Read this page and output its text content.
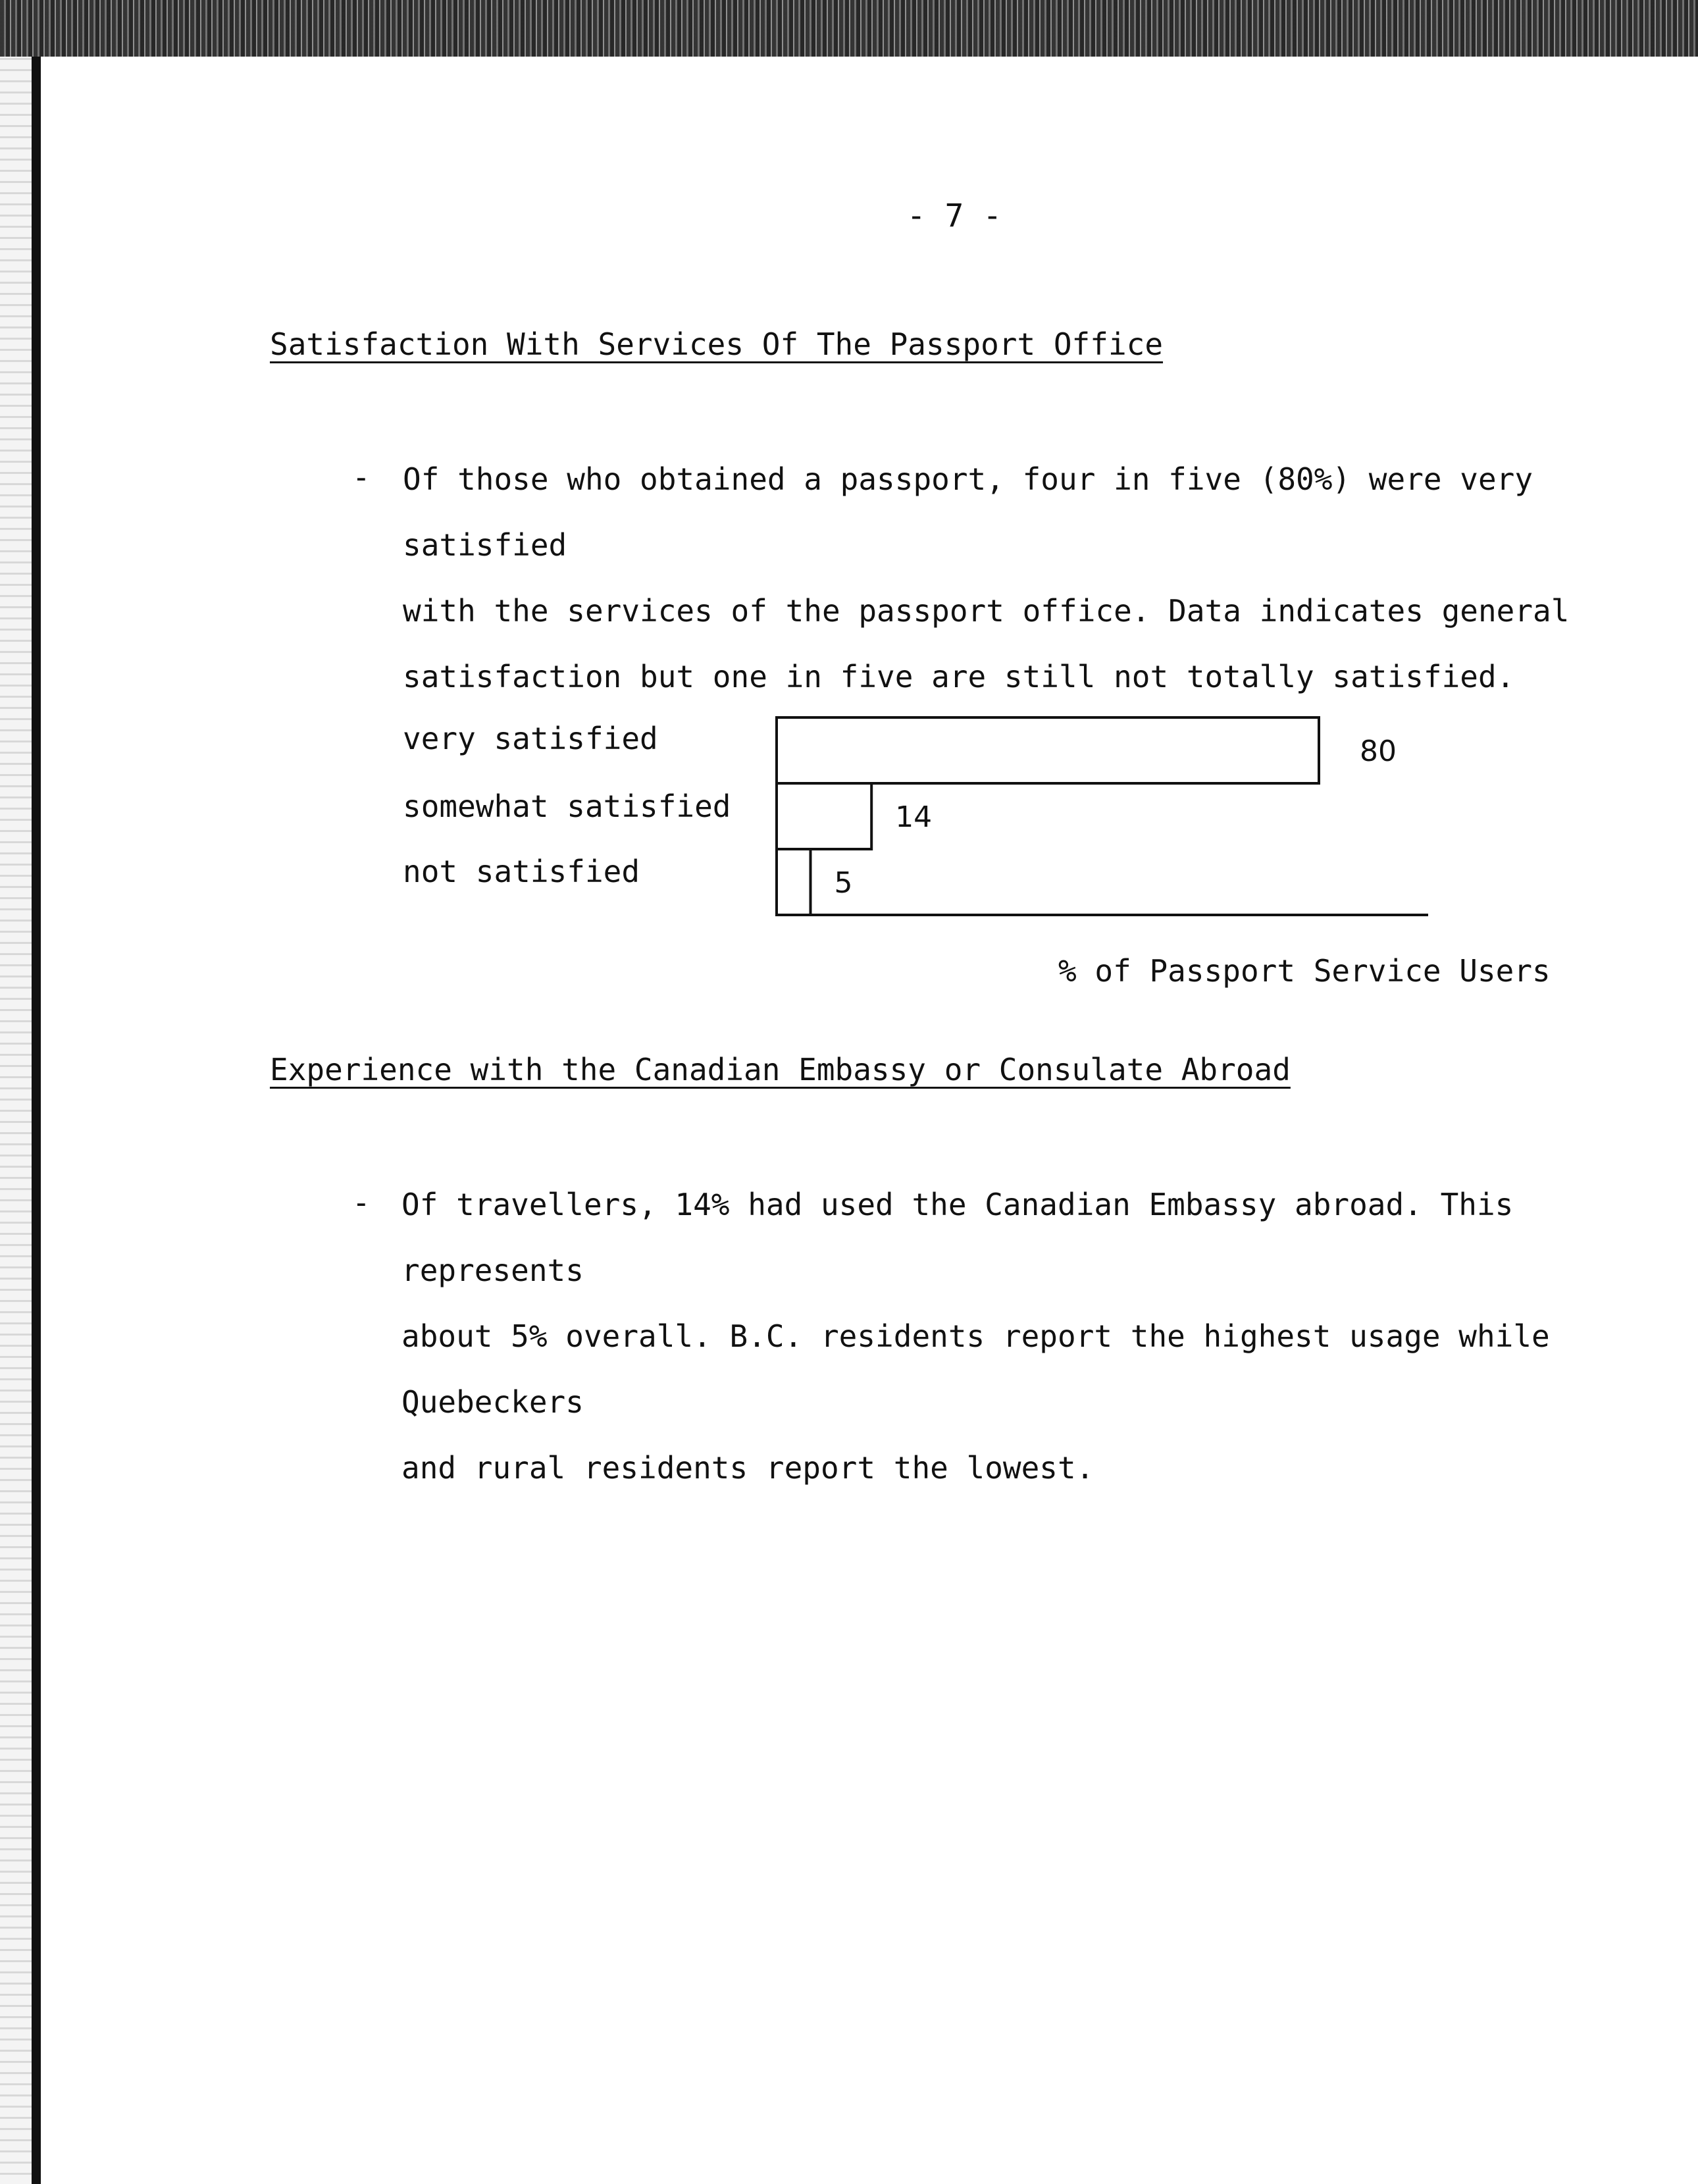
- 7 -
Satisfaction With Services Of The Passport Office
- Of those who obtained a passport, four in five (80%) were very satisfied
with the services of the passport office. Data indicates general
satisfaction but one in five are still not totally satisfied.
very satisfied
somewhat satisfied
not satisfied
80
14
5
% of Passport Service Users
Experience with the Canadian Embassy or Consulate Abroad
- Of travellers, 14% had used the Canadian Embassy abroad. This represents
about 5% overall. B.C. residents report the highest usage while Quebeckers
and rural residents report the lowest.
